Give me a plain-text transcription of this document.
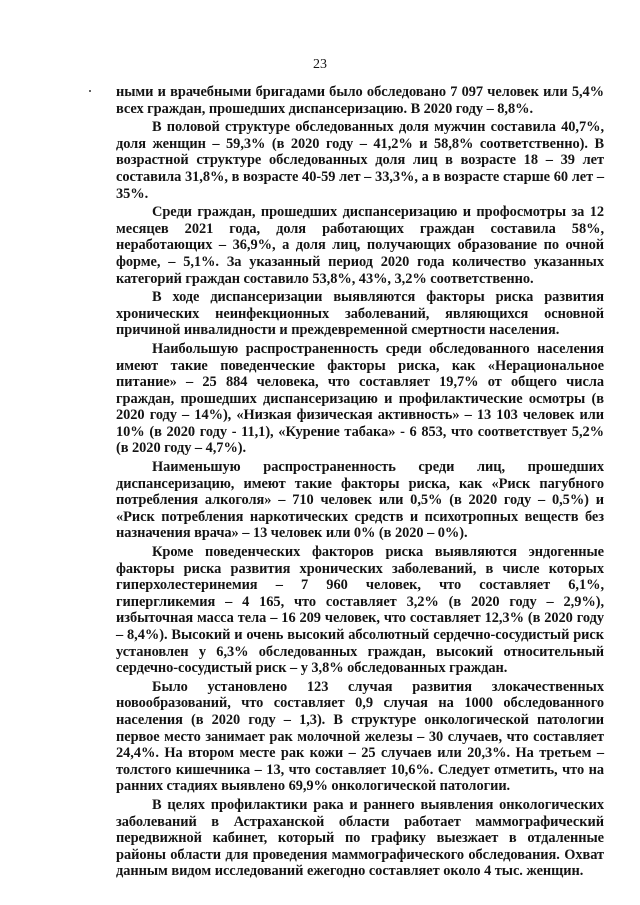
23

ными и врачебными бригадами было обследовано 7 097 человек или 5,4% всех граждан, прошедших диспансеризацию. В 2020 году – 8,8%.

В половой структуре обследованных доля мужчин составила 40,7%, доля женщин – 59,3% (в 2020 году – 41,2% и 58,8% соответственно). В возрастной структуре обследованных доля лиц в возрасте 18 – 39 лет составила 31,8%, в возрасте 40-59 лет – 33,3%, а в возрасте старше 60 лет – 35%.

Среди граждан, прошедших диспансеризацию и профосмотры за 12 месяцев 2021 года, доля работающих граждан составила 58%, неработающих – 36,9%, а доля лиц, получающих образование по очной форме, – 5,1%. За указанный период 2020 года количество указанных категорий граждан составило 53,8%, 43%, 3,2% соответственно.

В ходе диспансеризации выявляются факторы риска развития хронических неинфекционных заболеваний, являющихся основной причиной инвалидности и преждевременной смертности населения.

Наибольшую распространенность среди обследованного населения имеют такие поведенческие факторы риска, как «Нерациональное питание» – 25 884 человека, что составляет 19,7% от общего числа граждан, прошедших диспансеризацию и профилактические осмотры (в 2020 году – 14%), «Низкая физическая активность» – 13 103 человек или 10% (в 2020 году - 11,1), «Курение табака» - 6 853, что соответствует 5,2% (в 2020 году – 4,7%).

Наименьшую распространенность среди лиц, прошедших диспансеризацию, имеют такие факторы риска, как «Риск пагубного потребления алкоголя» – 710 человек или 0,5% (в 2020 году – 0,5%) и «Риск потребления наркотических средств и психотропных веществ без назначения врача» – 13 человек или 0% (в 2020 – 0%).

Кроме поведенческих факторов риска выявляются эндогенные факторы риска развития хронических заболеваний, в числе которых гиперхолестеринемия – 7 960 человек, что составляет 6,1%, гипергликемия – 4 165, что составляет 3,2% (в 2020 году – 2,9%), избыточная масса тела – 16 209 человек, что составляет 12,3% (в 2020 году – 8,4%). Высокий и очень высокий абсолютный сердечно-сосудистый риск установлен у 6,3% обследованных граждан, высокий относительный сердечно-сосудистый риск – у 3,8% обследованных граждан.

Было установлено 123 случая развития злокачественных новообразований, что составляет 0,9 случая на 1000 обследованного населения (в 2020 году – 1,3). В структуре онкологической патологии первое место занимает рак молочной железы – 30 случаев, что составляет 24,4%. На втором месте рак кожи – 25 случаев или 20,3%. На третьем – толстого кишечника – 13, что составляет 10,6%. Следует отметить, что на ранних стадиях выявлено 69,9% онкологической патологии.

В целях профилактики рака и раннего выявления онкологических заболеваний в Астраханской области работает маммографический передвижной кабинет, который по графику выезжает в отдаленные районы области для проведения маммографического обследования. Охват данным видом исследований ежегодно составляет около 4 тыс. женщин.
